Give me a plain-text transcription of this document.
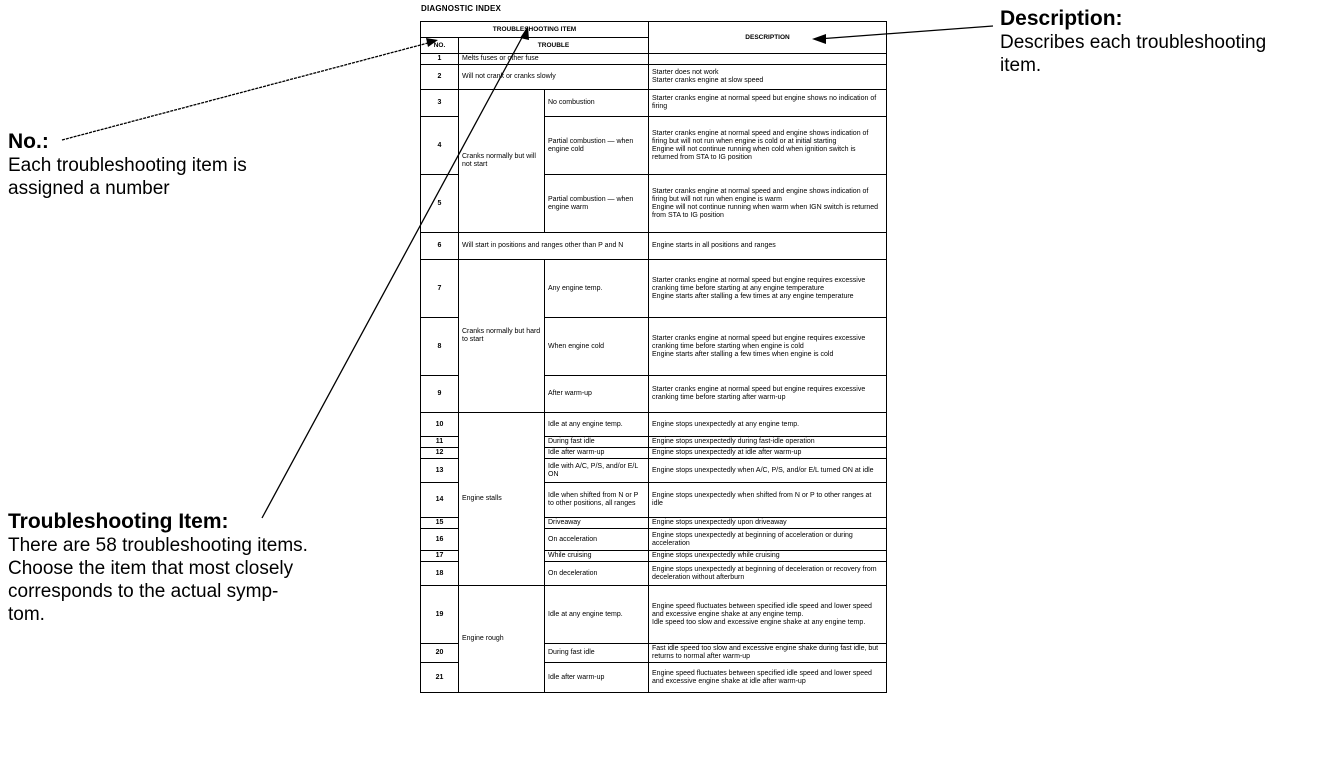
Description:
Describes each troubleshooting
item.
No.:
Each troubleshooting item is
assigned a number
Troubleshooting Item:
There are 58 troubleshooting items.
Choose the item that most closely
corresponds to the actual symp-
tom.
DIAGNOSTIC INDEX
TROUBLESHOOTING ITEM			DESCRIPTION
NO.	TROUBLE		
1	Melts fuses or other fuse		
2	Will not crank or cranks slowly		Starter does not work
Starter cranks engine at slow speed
3	Cranks normally but will not start	No combustion	Starter cranks engine at normal speed but engine shows no indication of firing
4		Partial combustion — when engine cold	Starter cranks engine at normal speed and engine shows indication of firing but will not run when engine is cold or at initial starting
Engine will not continue running when cold when ignition switch is returned from STA to IG position
5		Partial combustion — when engine warm	Starter cranks engine at normal speed and engine shows indication of firing but will not run when engine is warm
Engine will not continue running when warm when IGN switch is returned from STA to IG position
6	Will start in positions and ranges other than P and N		Engine starts in all positions and ranges
7	Cranks normally but hard to start	Any engine temp.	Starter cranks engine at normal speed but engine requires excessive cranking time before starting at any engine temperature
Engine starts after stalling a few times at any engine temperature
8		When engine cold	Starter cranks engine at normal speed but engine requires excessive cranking time before starting when engine is cold
Engine starts after stalling a few times when engine is cold
9		After warm-up	Starter cranks engine at normal speed but engine requires excessive cranking time before starting after warm-up
10	Engine stalls	Idle at any engine temp.	Engine stops unexpectedly at any engine temp.
11		During fast idle	Engine stops unexpectedly during fast-idle operation
12		Idle after warm-up	Engine stops unexpectedly at idle after warm-up
13		Idle with A/C, P/S, and/or E/L ON	Engine stops unexpectedly when A/C, P/S, and/or E/L turned ON at idle
14		Idle when shifted from N or P to other positions, all ranges	Engine stops unexpectedly when shifted from N or P to other ranges at idle
15		Driveaway	Engine stops unexpectedly upon driveaway
16		On acceleration	Engine stops unexpectedly at beginning of acceleration or during acceleration
17		While cruising	Engine stops unexpectedly while cruising
18		On deceleration	Engine stops unexpectedly at beginning of deceleration or recovery from deceleration without afterburn
19	Engine rough	Idle at any engine temp.	Engine speed fluctuates between specified idle speed and lower speed and excessive engine shake at any engine temp.
Idle speed too slow and excessive engine shake at any engine temp.
20		During fast idle	Fast idle speed too slow and excessive engine shake during fast idle, but returns to normal after warm-up
21		Idle after warm-up	Engine speed fluctuates between specified idle speed and lower speed and excessive engine shake at idle after warm-up
